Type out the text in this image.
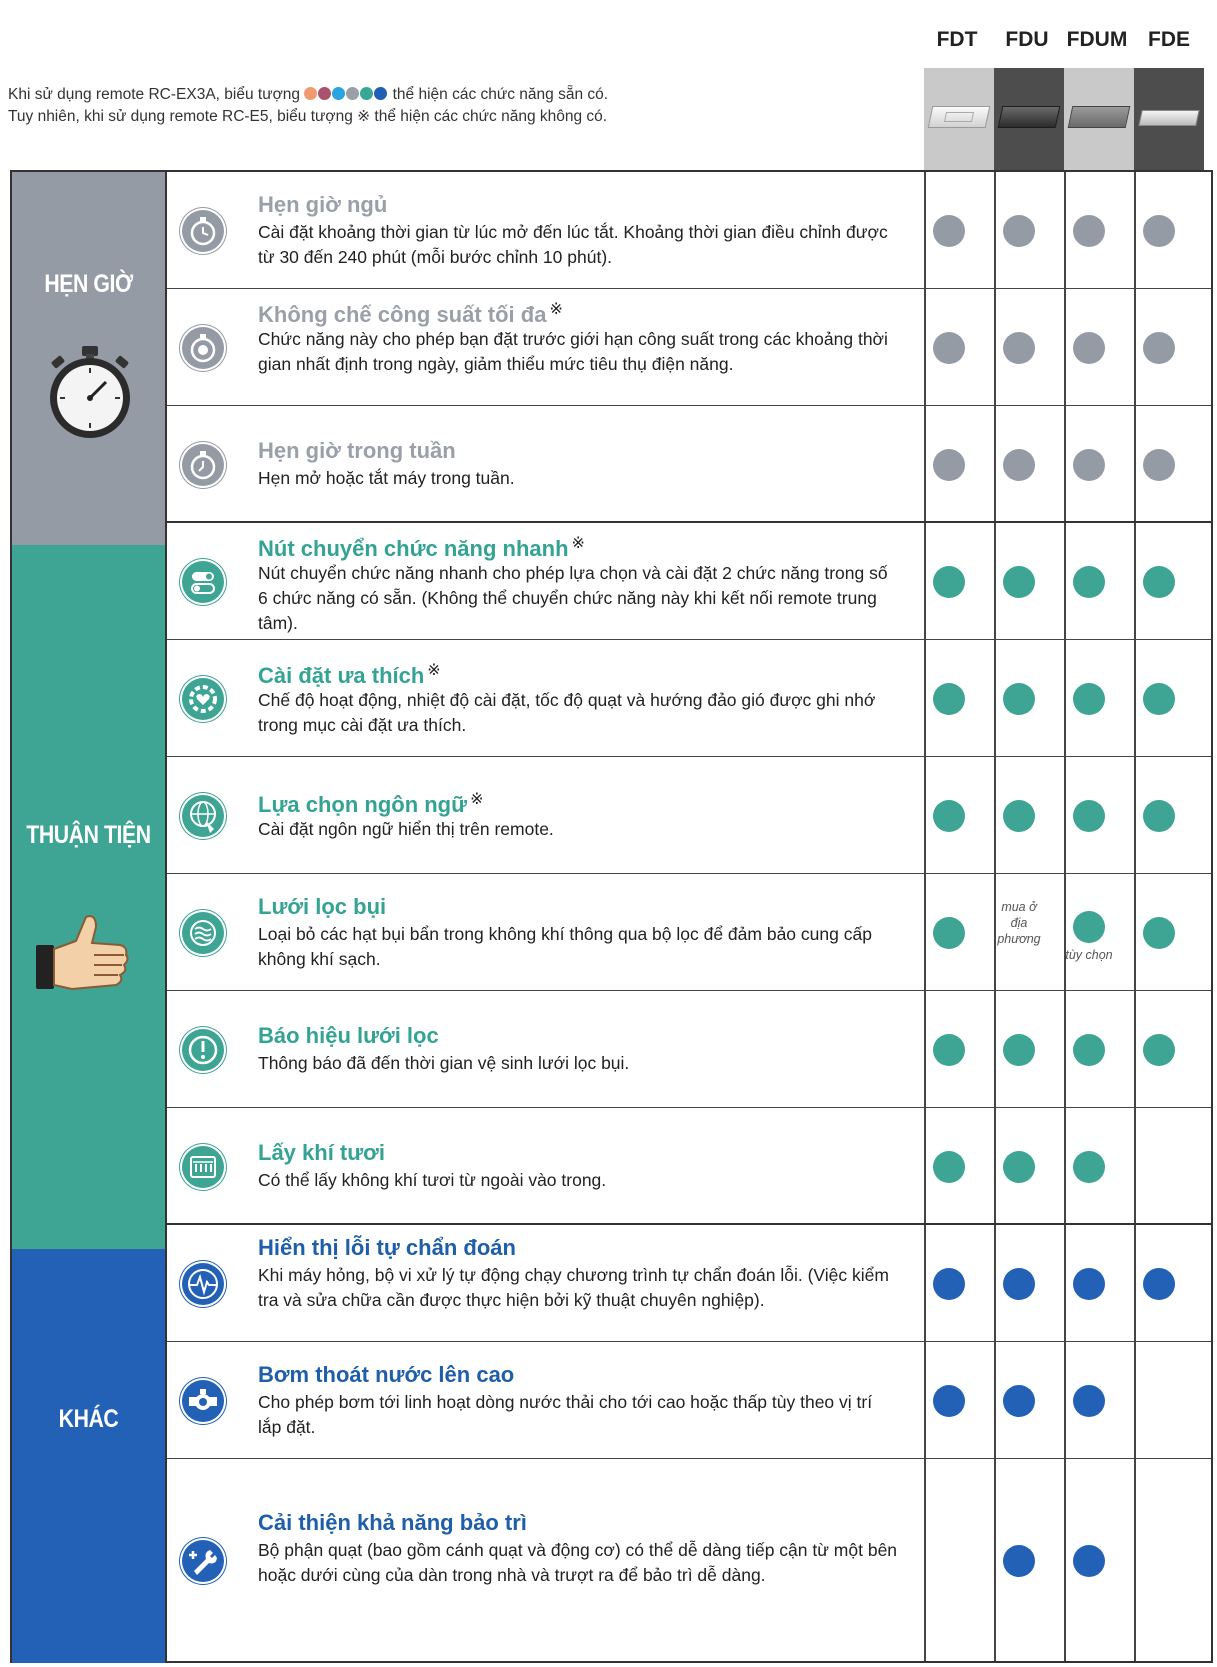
FDT	FDU FDUM FDE
Khi sử dụng remote RC-EX3A, biểu tượng	thể hiện các chức năng sẵn có.
Tuy nhiên, khi sử dụng remote RC-E5, biểu tượng ※ thể hiện các chức năng không có.
HẸN GIỜ
THUẬN TIỆN
KHÁC
Hẹn giờ ngủ
Cài đặt khoảng thời gian từ lúc mở đến lúc tắt. Khoảng thời gian điều chỉnh được từ 30 đến 240 phút (mỗi bước chỉnh 10 phút).
Không chế công suất tối đa ※
Chức năng này cho phép bạn đặt trước giới hạn công suất trong các khoảng thời gian nhất định trong ngày, giảm thiểu mức tiêu thụ điện năng.
Hẹn giờ trong tuần
Hẹn mở hoặc tắt máy trong tuần.
Nút chuyển chức năng nhanh ※
Nút chuyển chức năng nhanh cho phép lựa chọn và cài đặt 2 chức năng trong số 6 chức năng có sẵn. (Không thể chuyển chức năng này khi kết nối remote trung tâm).
Cài đặt ưa thích ※
Chế độ hoạt động, nhiệt độ cài đặt, tốc độ quạt và hướng đảo gió được ghi nhớ trong mục cài đặt ưa thích.
Lựa chọn ngôn ngữ ※
Cài đặt ngôn ngữ hiển thị trên remote.
Lưới lọc bụi
Loại bỏ các hạt bụi bẩn trong không khí thông qua bộ lọc để đảm bảo cung cấp không khí sạch.
mua ở địa phương
tùy chọn
Báo hiệu lưới lọc
Thông báo đã đến thời gian vệ sinh lưới lọc bụi.
Lấy khí tươi
Có thể lấy không khí tươi từ ngoài vào trong.
Hiển thị lỗi tự chẩn đoán
Khi máy hỏng, bộ vi xử lý tự động chạy chương trình tự chẩn đoán lỗi. (Việc kiểm tra và sửa chữa cần được thực hiện bởi kỹ thuật chuyên nghiệp).
Bơm thoát nước lên cao
Cho phép bơm tới linh hoạt dòng nước thải cho tới cao hoặc thấp tùy theo vị trí lắp đặt.
Cải thiện khả năng bảo trì
Bộ phận quạt (bao gồm cánh quạt và động cơ) có thể dễ dàng tiếp cận từ một bên hoặc dưới cùng của dàn trong nhà và trượt ra để bảo trì dễ dàng.
